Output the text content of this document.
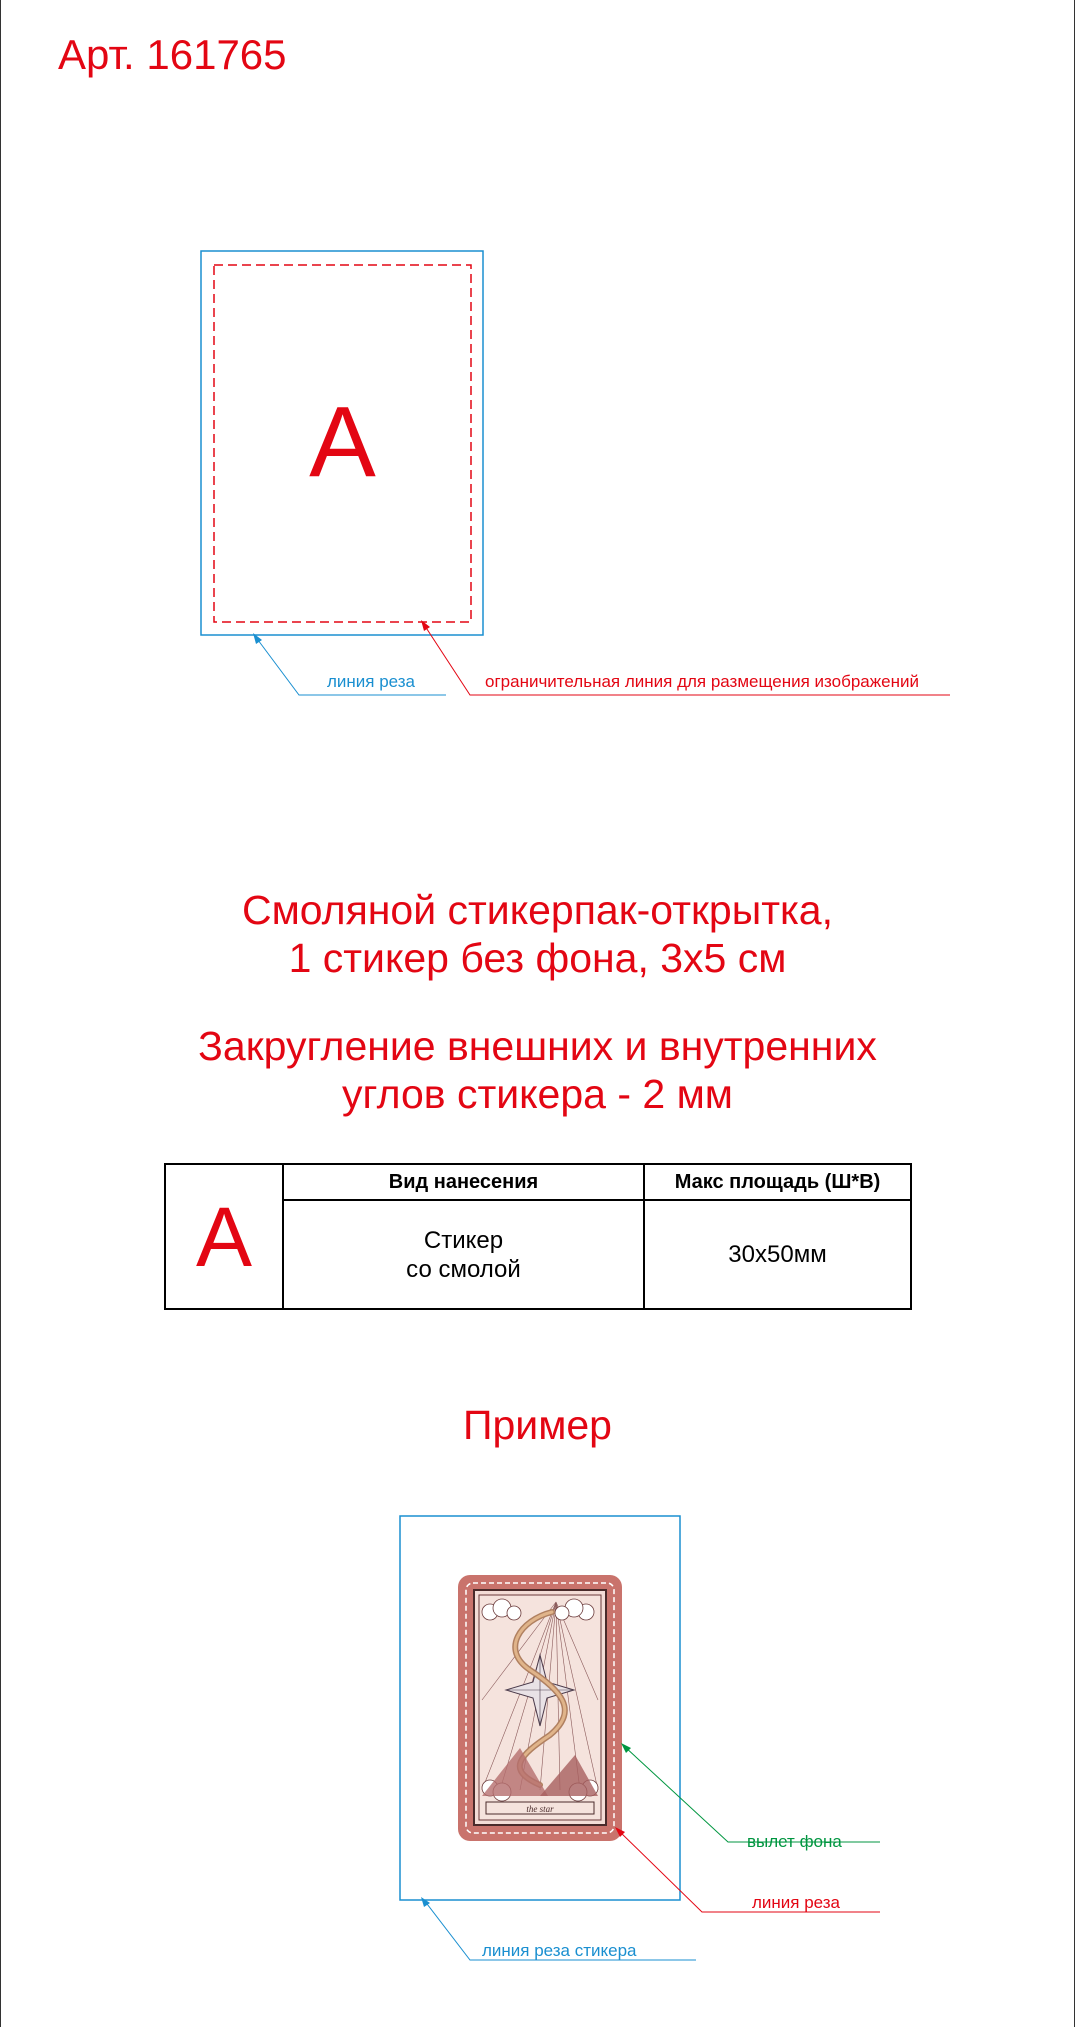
Арт. 161765
А
линия реза	ограничительная линия для размещения изображений
Смоляной стикерпак-открытка,
1 стикер без фона, 3х5 см
Закругление внешних и внутренних
углов стикера - 2 мм
А	Вид нанесения	Макс площадь (Ш*В)

	Стикер
со смолой	30х50мм
Пример
the star
вылет фона
линия реза
линия реза стикера
